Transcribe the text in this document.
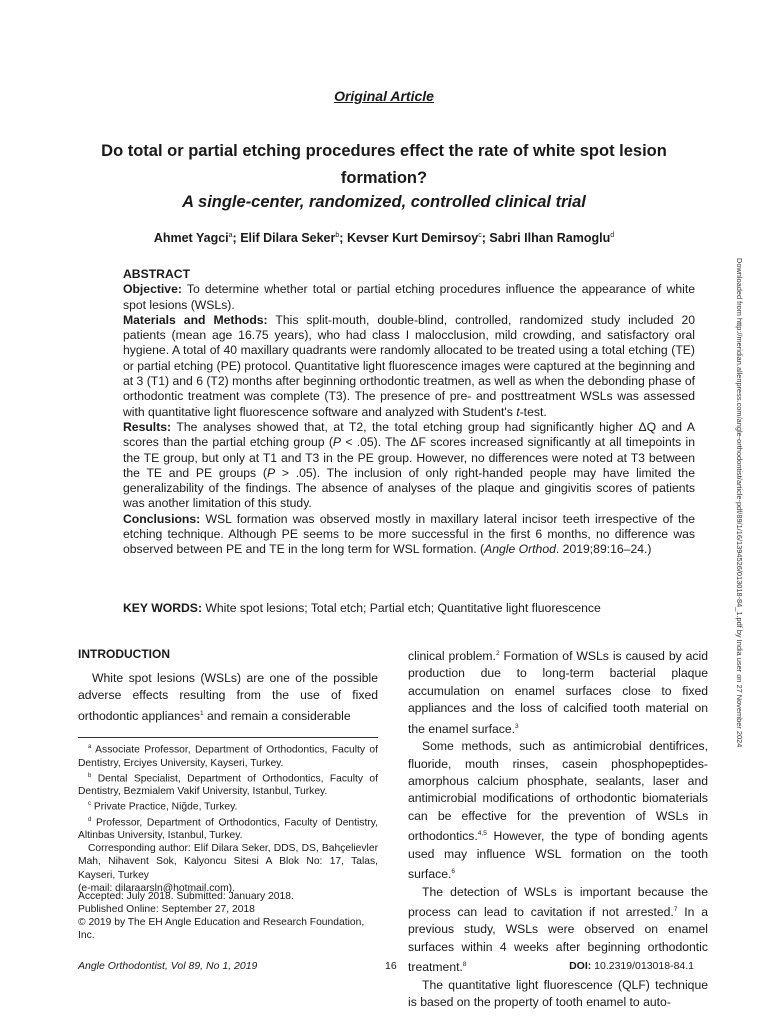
Original Article
Do total or partial etching procedures effect the rate of white spot lesion formation?
A single-center, randomized, controlled clinical trial
Ahmet Yagci$^a$; Elif Dilara Seker$^b$; Kevser Kurt Demirsoy$^c$; Sabri Ilhan Ramoglu$^d$

ABSTRACT

Objective: To determine whether total or partial etching procedures influence the appearance of white spot lesions (WSLs).

Materials and Methods: This split-mouth, double-blind, controlled, randomized study included 20 patients (mean age 16.75 years), who had class I malocclusion, mild crowding, and satisfactory oral hygiene. A total of 40 maxillary quadrants were randomly allocated to be treated using a total etching (TE) or partial etching (PE) protocol. Quantitative light fluorescence images were captured at the beginning and at 3 (T1) and 6 (T2) months after beginning orthodontic treatmen, as well as when the debonding phase of orthodontic treatment was complete (T3). The presence of pre- and posttreatment WSLs was assessed with quantitative light fluorescence software and analyzed with Student's t-test.

Results: The analyses showed that, at T2, the total etching group had significantly higher ΔQ and A scores than the partial etching group (P < .05). The ΔF scores increased significantly at all timepoints in the TE group, but only at T1 and T3 in the PE group. However, no differences were noted at T3 between the TE and PE groups (P > .05). The inclusion of only right-handed people may have limited the generalizability of the findings. The absence of analyses of the plaque and gingivitis scores of patients was another limitation of this study.

Conclusions: WSL formation was observed mostly in maxillary lateral incisor teeth irrespective of the etching technique. Although PE seems to be more successful in the first 6 months, no difference was observed between PE and TE in the long term for WSL formation. (Angle Orthod. 2019;89:16–24.)

KEY WORDS: White spot lesions; Total etch; Partial etch; Quantitative light fluorescence
INTRODUCTION

White spot lesions (WSLs) are one of the possible adverse effects resulting from the use of fixed orthodontic appliances$^1$ and remain a considerable

$^a$ Associate Professor, Department of Orthodontics, Faculty of Dentistry, Erciyes University, Kayseri, Turkey.

$^b$ Dental Specialist, Department of Orthodontics, Faculty of Dentistry, Bezmialem Vakif University, Istanbul, Turkey.

$^c$ Private Practice, Niğde, Turkey.

$^d$ Professor, Department of Orthodontics, Faculty of Dentistry, Altinbas University, Istanbul, Turkey.

Corresponding author: Elif Dilara Seker, DDS, DS, Bahçelievler Mah, Nihavent Sok, Kalyoncu Sitesi A Blok No: 17, Talas, Kayseri, Turkey

(e-mail: dilaraarsln@hotmail.com).

Accepted: July 2018. Submitted: January 2018.

Published Online: September 27, 2018

© 2019 by The EH Angle Education and Research Foundation, Inc.

clinical problem.$^2$ Formation of WSLs is caused by acid production due to long-term bacterial plaque accumulation on enamel surfaces close to fixed appliances and the loss of calcified tooth material on the enamel surface.$^3$

Some methods, such as antimicrobial dentifrices, fluoride, mouth rinses, casein phosphopeptides-amorphous calcium phosphate, sealants, laser and antimicrobial modifications of orthodontic biomaterials can be effective for the prevention of WSLs in orthodontics.$^{4,5}$ However, the type of bonding agents used may influence WSL formation on the tooth surface.$^6$

The detection of WSLs is important because the process can lead to cavitation if not arrested.$^7$ In a previous study, WSLs were observed on enamel surfaces within 4 weeks after beginning orthodontic treatment.$^8$

The quantitative light fluorescence (QLF) technique is based on the property of tooth enamel to auto-

Angle Orthodontist, Vol 89, No 1, 2019	16	DOI: 10.2319/013018-84.1
Downloaded from http://meridian.allenpress.com/angle-orthodontist/article-pdf/89/1/16/1394526/013018-84_1.pdf by India user on 27 November 2024
